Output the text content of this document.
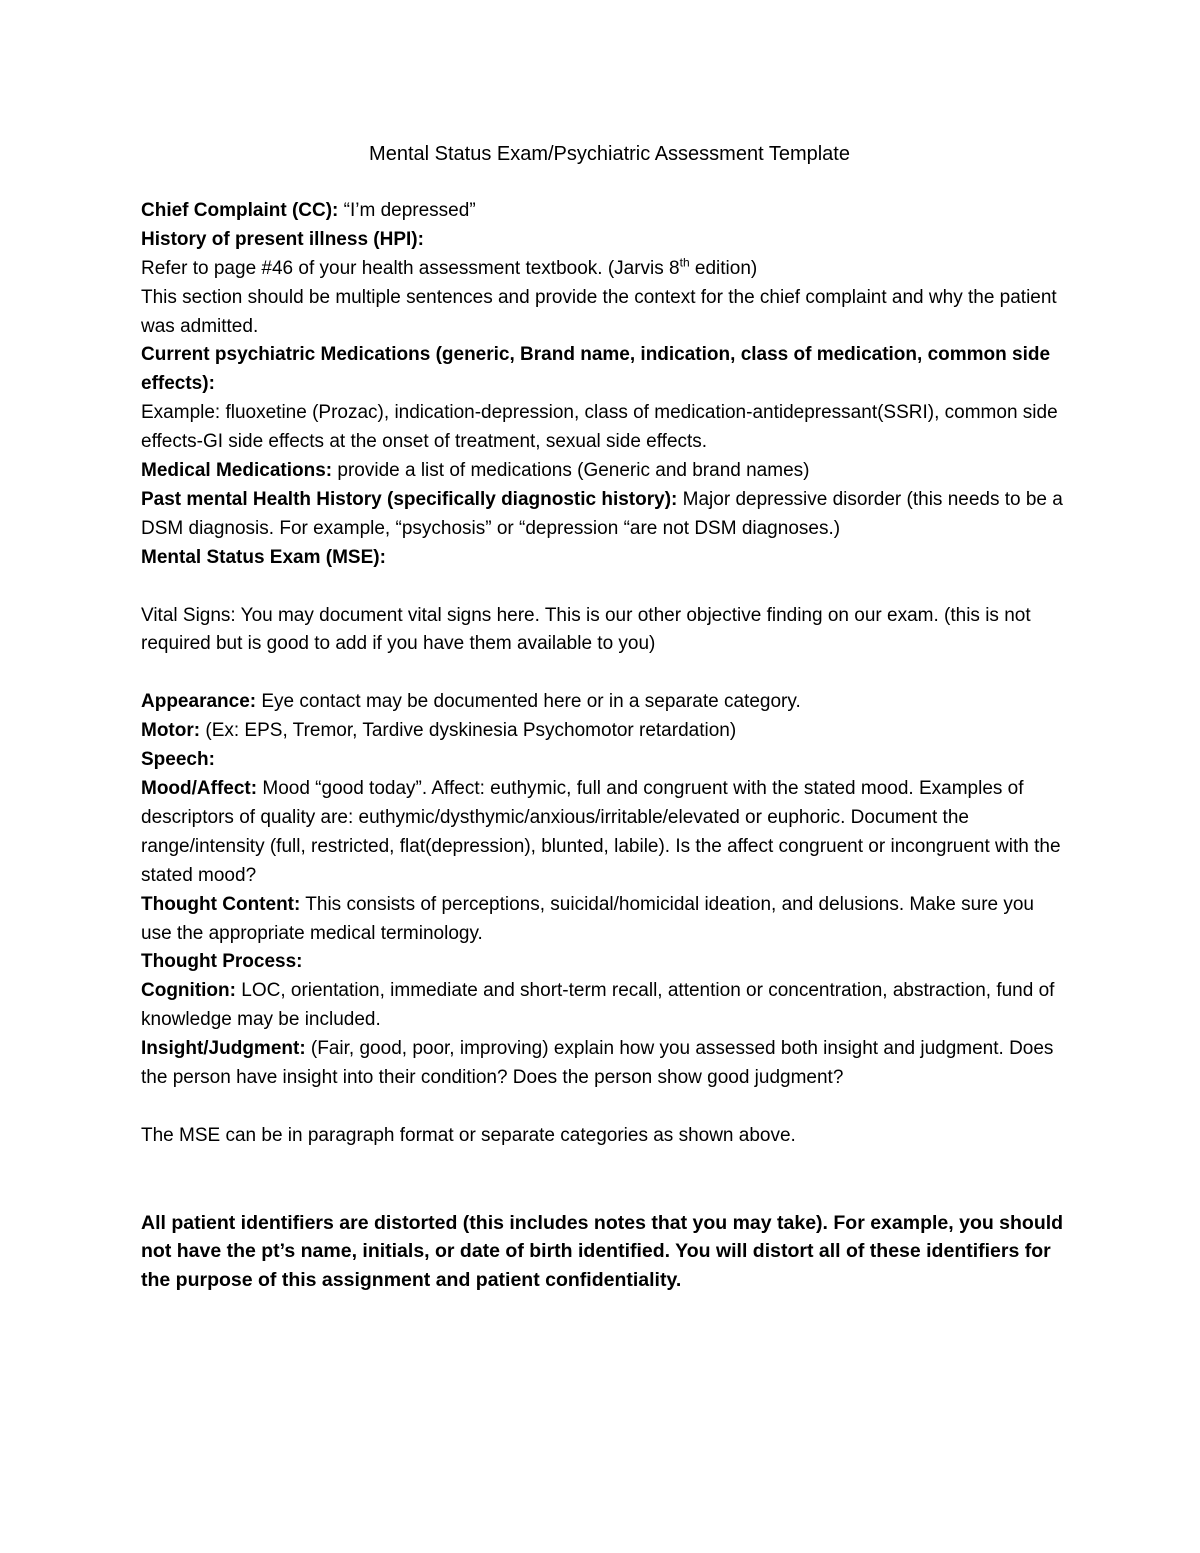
Mental Status Exam/Psychiatric Assessment Template

Chief Complaint (CC): “I’m depressed”

History of present illness (HPI):

Refer to page #46 of your health assessment textbook. (Jarvis 8th edition)

This section should be multiple sentences and provide the context for the chief complaint and why the patient was admitted.

Current psychiatric Medications (generic, Brand name, indication, class of medication, common side effects):

Example: fluoxetine (Prozac), indication-depression, class of medication-antidepressant(SSRI), common side effects-GI side effects at the onset of treatment, sexual side effects.

Medical Medications: provide a list of medications (Generic and brand names)

Past mental Health History (specifically diagnostic history): Major depressive disorder (this needs to be a DSM diagnosis. For example, “psychosis” or “depression “are not DSM diagnoses.)

Mental Status Exam (MSE):

Vital Signs: You may document vital signs here. This is our other objective finding on our exam. (this is not required but is good to add if you have them available to you)

Appearance: Eye contact may be documented here or in a separate category.

Motor: (Ex: EPS, Tremor, Tardive dyskinesia Psychomotor retardation)

Speech:

Mood/Affect: Mood “good today”. Affect: euthymic, full and congruent with the stated mood. Examples of descriptors of quality are: euthymic/dysthymic/anxious/irritable/elevated or euphoric. Document the range/intensity (full, restricted, flat(depression), blunted, labile). Is the affect congruent or incongruent with the stated mood?

Thought Content: This consists of perceptions, suicidal/homicidal ideation, and delusions. Make sure you use the appropriate medical terminology.

Thought Process:

Cognition: LOC, orientation, immediate and short-term recall, attention or concentration, abstraction, fund of knowledge may be included.

Insight/Judgment: (Fair, good, poor, improving) explain how you assessed both insight and judgment. Does the person have insight into their condition? Does the person show good judgment?

The MSE can be in paragraph format or separate categories as shown above.

All patient identifiers are distorted (this includes notes that you may take). For example, you should not have the pt’s name, initials, or date of birth identified. You will distort all of these identifiers for the purpose of this assignment and patient confidentiality.
